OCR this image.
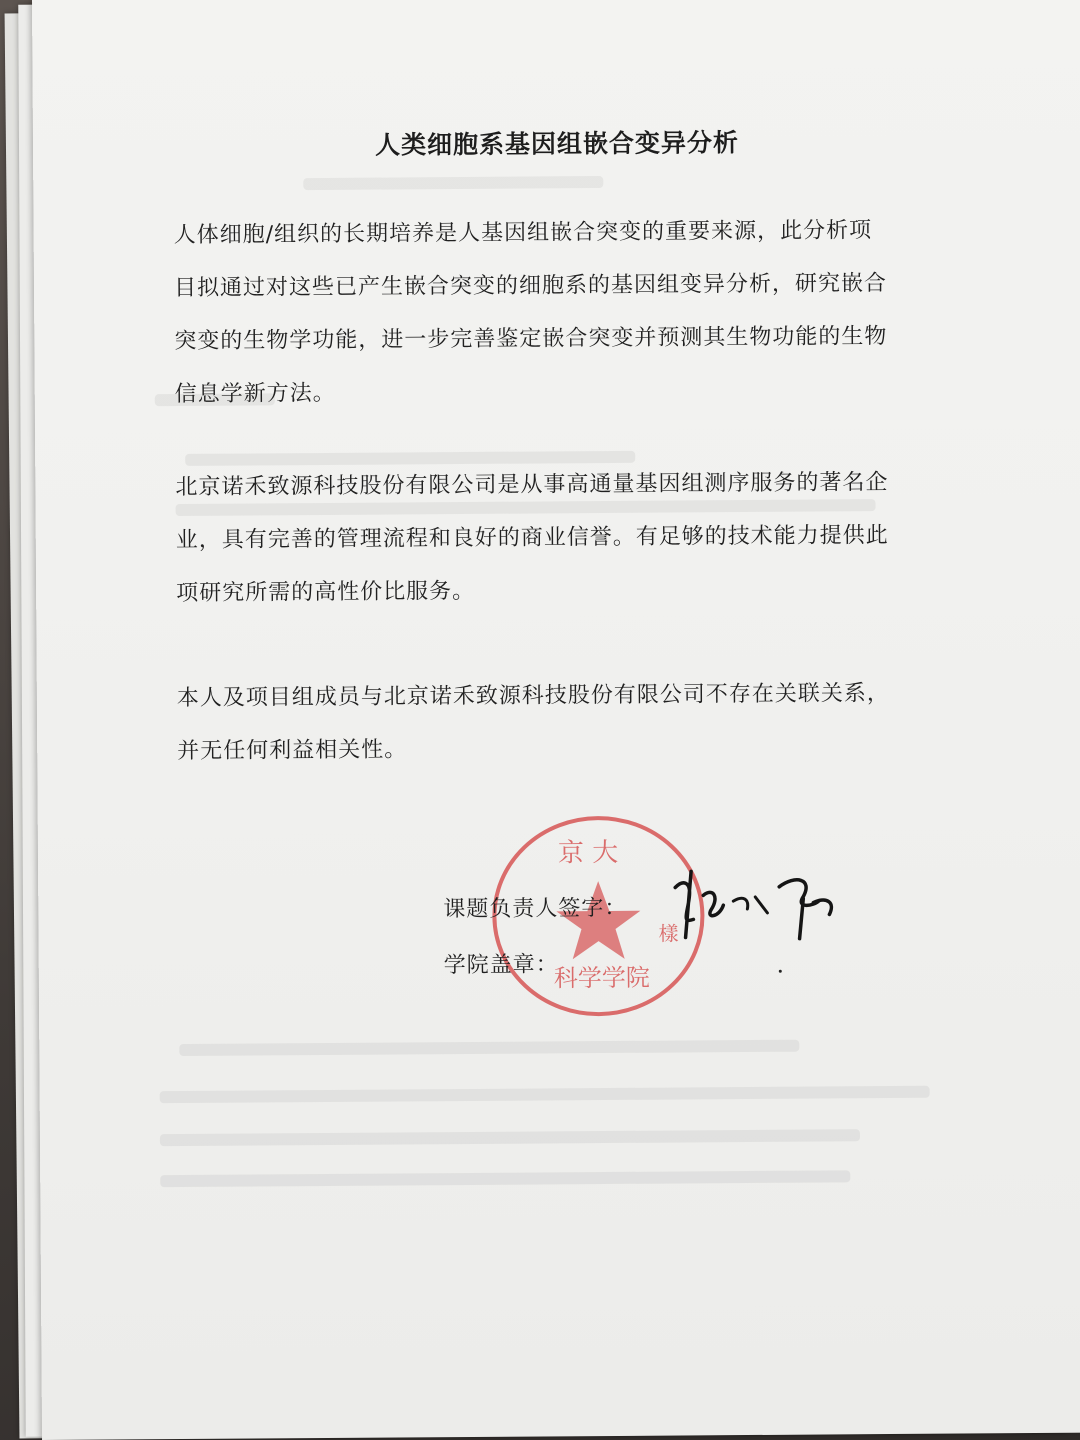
人类细胞系基因组嵌合变异分析

人体细胞/组织的长期培养是人基因组嵌合突变的重要来源，此分析项目拟通过对这些已产生嵌合突变的细胞系的基因组变异分析，研究嵌合突变的生物学功能，进一步完善鉴定嵌合突变并预测其生物功能的生物信息学新方法。

北京诺禾致源科技股份有限公司是从事高通量基因组测序服务的著名企业，具有完善的管理流程和良好的商业信誉。有足够的技术能力提供此项研究所需的高性价比服务。

本人及项目组成员与北京诺禾致源科技股份有限公司不存在关联关系，并无任何利益相关性。

京 大
科学学院
樣
课题负责人签字：
学院盖章：
